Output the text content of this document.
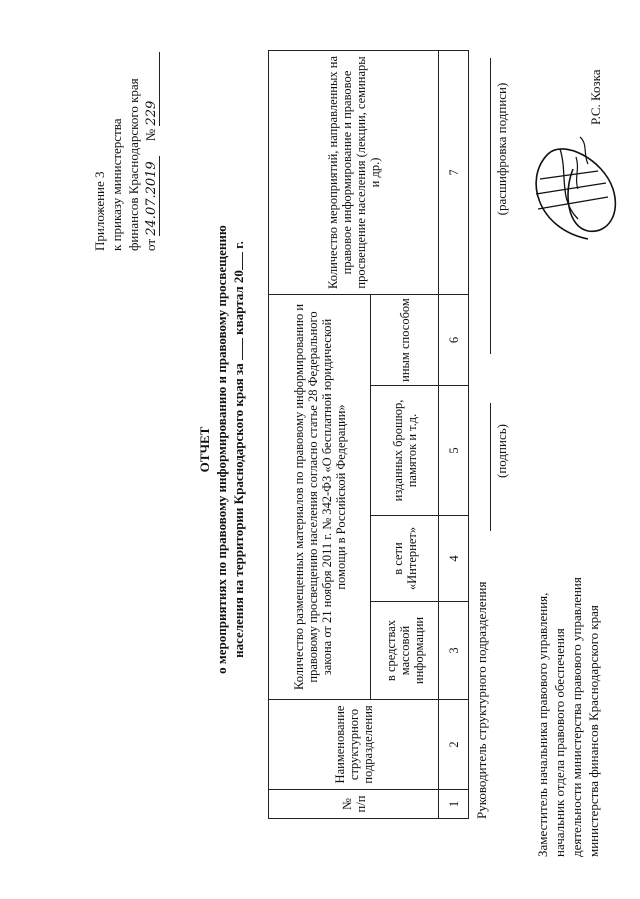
Приложение 3 к приказу министерства финансов Краснодарского края от 24.07.2019  № 229
ОТЧЕТ о мероприятиях по правовому информированию и правовому просвещению населения на территории Краснодарского края за  квартал 20 г.
№ п/п	Наименование структурного подразделения	Количество размещенных материалов по правовому информированию и правовому просвещению населения согласно статье 28 Федерального закона от 21 ноября 2011 г. № 342-ФЗ «О бесплатной юридической помощи в Российской Федерации»				Количество мероприятий, направленных на правовое информирование и правовое просвещение населения (лекции, семинары и др.)
		в средствах массовой информации	в сети «Интернет»	изданных брошюр, памяток и т.д.	иным способом	
1	2	3	4	5	6	7
Руководитель структурного подразделения
(подпись)
(расшифровка подписи)
Заместитель начальника правового управления, начальник отдела правового обеспечения деятельности министерства правового управления министерства финансов Краснодарского края
Р.С. Козка
